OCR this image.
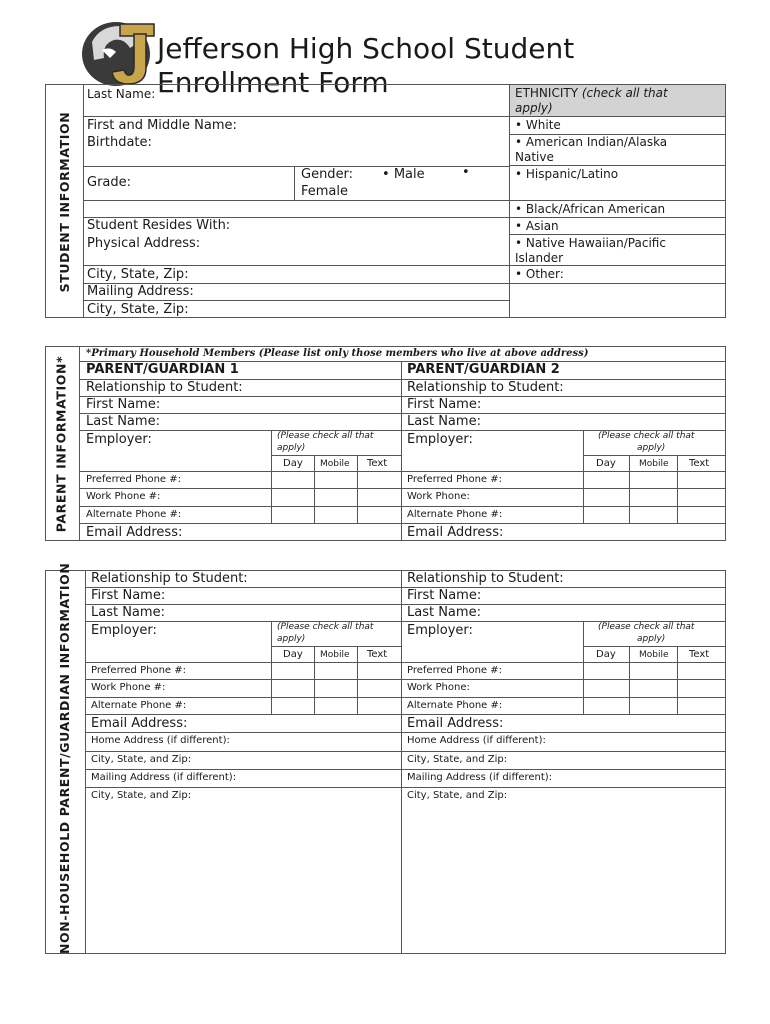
Jefferson High School Student
Enrollment Form
STUDENT INFORMATION
Last Name:
First and Middle Name:
Birthdate:
Grade:
Gender: • Male	•
Female
Student Resides With:
Physical Address:
City, State, Zip:
Mailing Address:
City, State, Zip:
ETHNICITY (check all that
apply)
• White
• American Indian/Alaska
Native
• Hispanic/Latino
• Black/African American
• Asian
• Native Hawaiian/Pacific
Islander
• Other:
PARENT INFORMATION*
*Primary Household Members (Please list only those members who live at above address)
PARENT/GUARDIAN 1	PARENT/GUARDIAN 2
Relationship to Student:	Relationship to Student:
First Name:	First Name:
Last Name:	Last Name:
Employer:	Employer:
(Please check all that
apply)
(Please check all that
apply)
Day Mobile Text	Day	Mobile Text
Preferred Phone #:	Preferred Phone #:
Work Phone #:	Work Phone:
Alternate Phone #:	Alternate Phone #:
Email Address:	Email Address:
NON-HOUSEHOLD PARENT/GUARDIAN INFORMATION Relationship to Student:	Relationship to Student:
First Name:	First Name:
Last Name:	Last Name:
Employer:	Employer:
(Please check all that
apply)
(Please check all that
apply)
Day Mobile Text	Day	Mobile Text
Preferred Phone #:	Preferred Phone #:
Work Phone #:	Work Phone:
Alternate Phone #:	Alternate Phone #:
Email Address:	Email Address:
Home Address (if different):	Home Address (if different):
City, State, and Zip:	City, State, and Zip:
Mailing Address (if different):	Mailing Address (if different):
City, State, and Zip:	City, State, and Zip:
